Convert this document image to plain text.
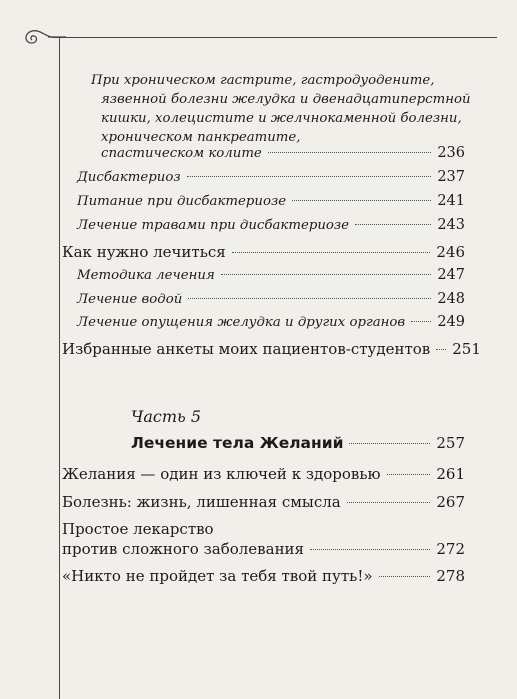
При хроническом гастрите, гастродуодените,
язвенной болезни желудка и двенадцатиперстной
кишки, холецистите и желчнокаменной болезни,
хроническом панкреатите,
спастическом колите	236
Дисбактериоз	237
Питание при дисбактериозе	241
Лечение травами при дисбактериозе	243
Как нужно лечиться	246
Методика лечения	247
Лечение водой	248
Лечение опущения желудка и других органов 249
Избранные анкеты моих пациентов-студентов 251
Часть 5
Лечение тела Желаний	257
Желания — один из ключей к здоровью	261
Болезнь: жизнь, лишенная смысла	267
Простое лекарство
против сложного заболевания	272
«Никто не пройдет за тебя твой путь!»	278
